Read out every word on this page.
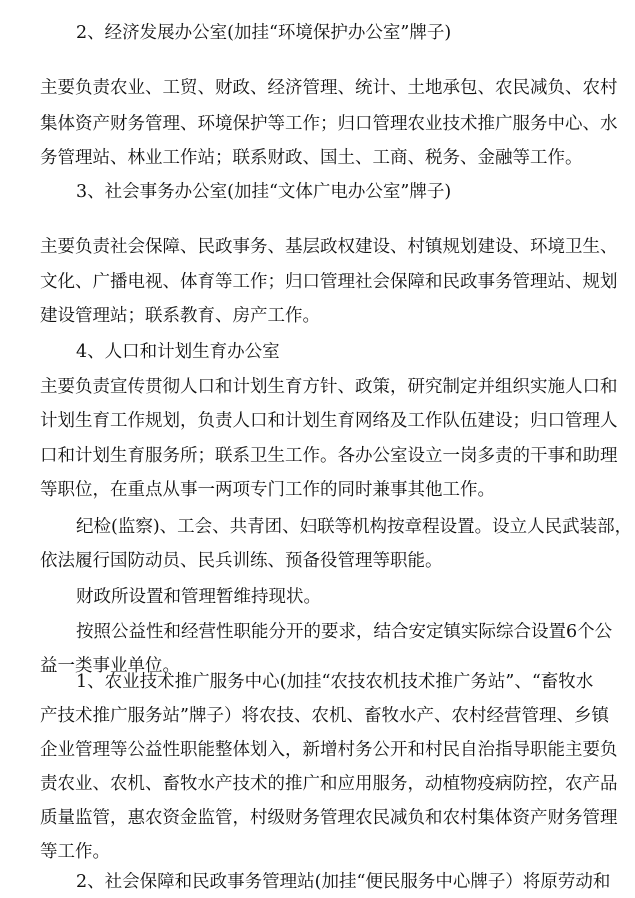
2、经济发展办公室(加挂“环境保护办公室”牌子)
主要负责农业、工贸、财政、经济管理、统计、土地承包、农民减负、农村
集体资产财务管理、环境保护等工作；归口管理农业技术推广服务中心、水
务管理站、林业工作站；联系财政、国土、工商、税务、金融等工作。
3、社会事务办公室(加挂“文体广电办公室”牌子)
主要负责社会保障、民政事务、基层政权建设、村镇规划建设、环境卫生、
文化、广播电视、体育等工作；归口管理社会保障和民政事务管理站、规划
建设管理站；联系教育、房产工作。
4、人口和计划生育办公室
主要负责宣传贯彻人口和计划生育方针、政策，研究制定并组织实施人口和
计划生育工作规划，负责人口和计划生育网络及工作队伍建设；归口管理人
口和计划生育服务所；联系卫生工作。各办公室设立一岗多责的干事和助理
等职位，在重点从事一两项专门工作的同时兼事其他工作。
纪检(监察)、工会、共青团、妇联等机构按章程设置。设立人民武装部，
依法履行国防动员、民兵训练、预备役管理等职能。
财政所设置和管理暂维持现状。
按照公益性和经营性职能分开的要求，结合安定镇实际综合设置6个公
益一类事业单位。
1、农业技术推广服务中心(加挂“农技农机技术推广务站”、“畜牧水
产技术推广服务站”牌子）将农技、农机、畜牧水产、农村经营管理、乡镇
企业管理等公益性职能整体划入，新增村务公开和村民自治指导职能主要负
责农业、农机、畜牧水产技术的推广和应用服务，动植物疫病防控，农产品
质量监管，惠农资金监管，村级财务管理农民减负和农村集体资产财务管理
等工作。
2、社会保障和民政事务管理站(加挂“便民服务中心牌子）将原劳动和
